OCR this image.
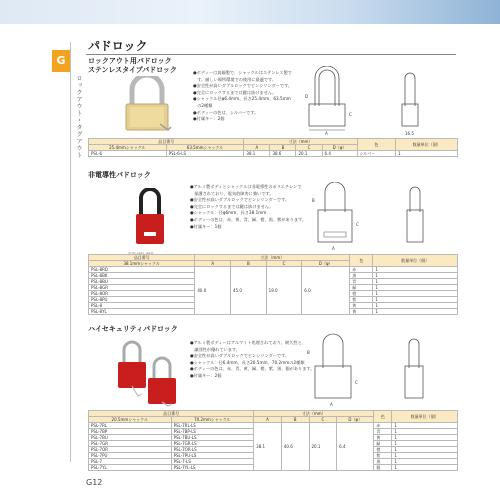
G
ロックアウト・タグアウト
パドロック
ロックアウト用パドロック
ステンレスタイプパドロック	●ボディーは真鍮製で、シャックルはステンレス製で
　す。厳しい場所環境での使用に最適です。
●安全性が高いダブルロックでピンシリンダーです。
●完全にロックするまでは鍵は抜けません。
●シャックル径φ6.4mm、長さ25.4mm、63.5mm
　の2種類
●ボディーの色は、シルバーです。
●付属キー：2個
A
D
C
16.5
品目番号		寸法（mm）				色	数量単位（個）
25.4mmシャックル	63.5mmシャックル	A	B	C	D（φ）		
PSL-6	PSL-6-LS	38.1	38.6	20.1	6.4	シルバー	1
非電導性パドロック
●アルミ製ボディとシャックルは非電導性のポリエチレンで
　保護されており、電気的障害に強いです。
●安全性が高いダブルロックでピンシリンダーです。
●完全にロックするまでは鍵は抜けません。
●シャックル：径φ6mm、長さ38.1mm
●ボディーの色は、赤、黄、青、緑、橙、黒、紫があります。
●付属キー：1個
A
B
C
品目番号	寸法（mm）				色	数量単位（個）
38.1mmシャックル	A	B	C	D（φ）		
PSL-8RD	40.0	45.0	19.0	6.0	赤	1
PSL-8BK					黒	1
PSL-8BU					青	1
PSL-8GR					緑	1
PSL-8OR					橙	1
PSL-8PU					紫	1
PSL-8					黄	1
PSL-8YL					黄	1
ハイセキュリティパドロック
●アルミ製ボディーはアルマイト処理されており、耐久性と、
　識別性が優れています。
●安全性が高いダブルロックでピンシリンダーです。
●シャックル：径6.4mm、長さ20.5mm、70.2mmの2種類
●ボディーの色は、赤、青、黄、緑、橙、紫、黒、銀があります。
●付属キー：2個
A
B
C
品目番号		寸法（mm）				色	数量単位（個）
20.5mmシャックル	70.2mmシャックル	A	B	C	D（φ）		
PSL-7RL	PSL-7RL-LS	38.1	40.6	20.1	6.4	赤	1
PSL-7BP	PSL-7BP-LS					青	1
PSL-7BU	PSL-7BU-LS					黄	1
PSL-7GR	PSL-7GR-LS					緑	1
PSL-7OR	PSL-7OR-LS					橙	1
PSL-7PU	PSL-7PU-LS					紫	1
PSL-7	PSL-7-LS					黒	1
PSL-7YL	PSL-7YL-LS					銀	1
G12
